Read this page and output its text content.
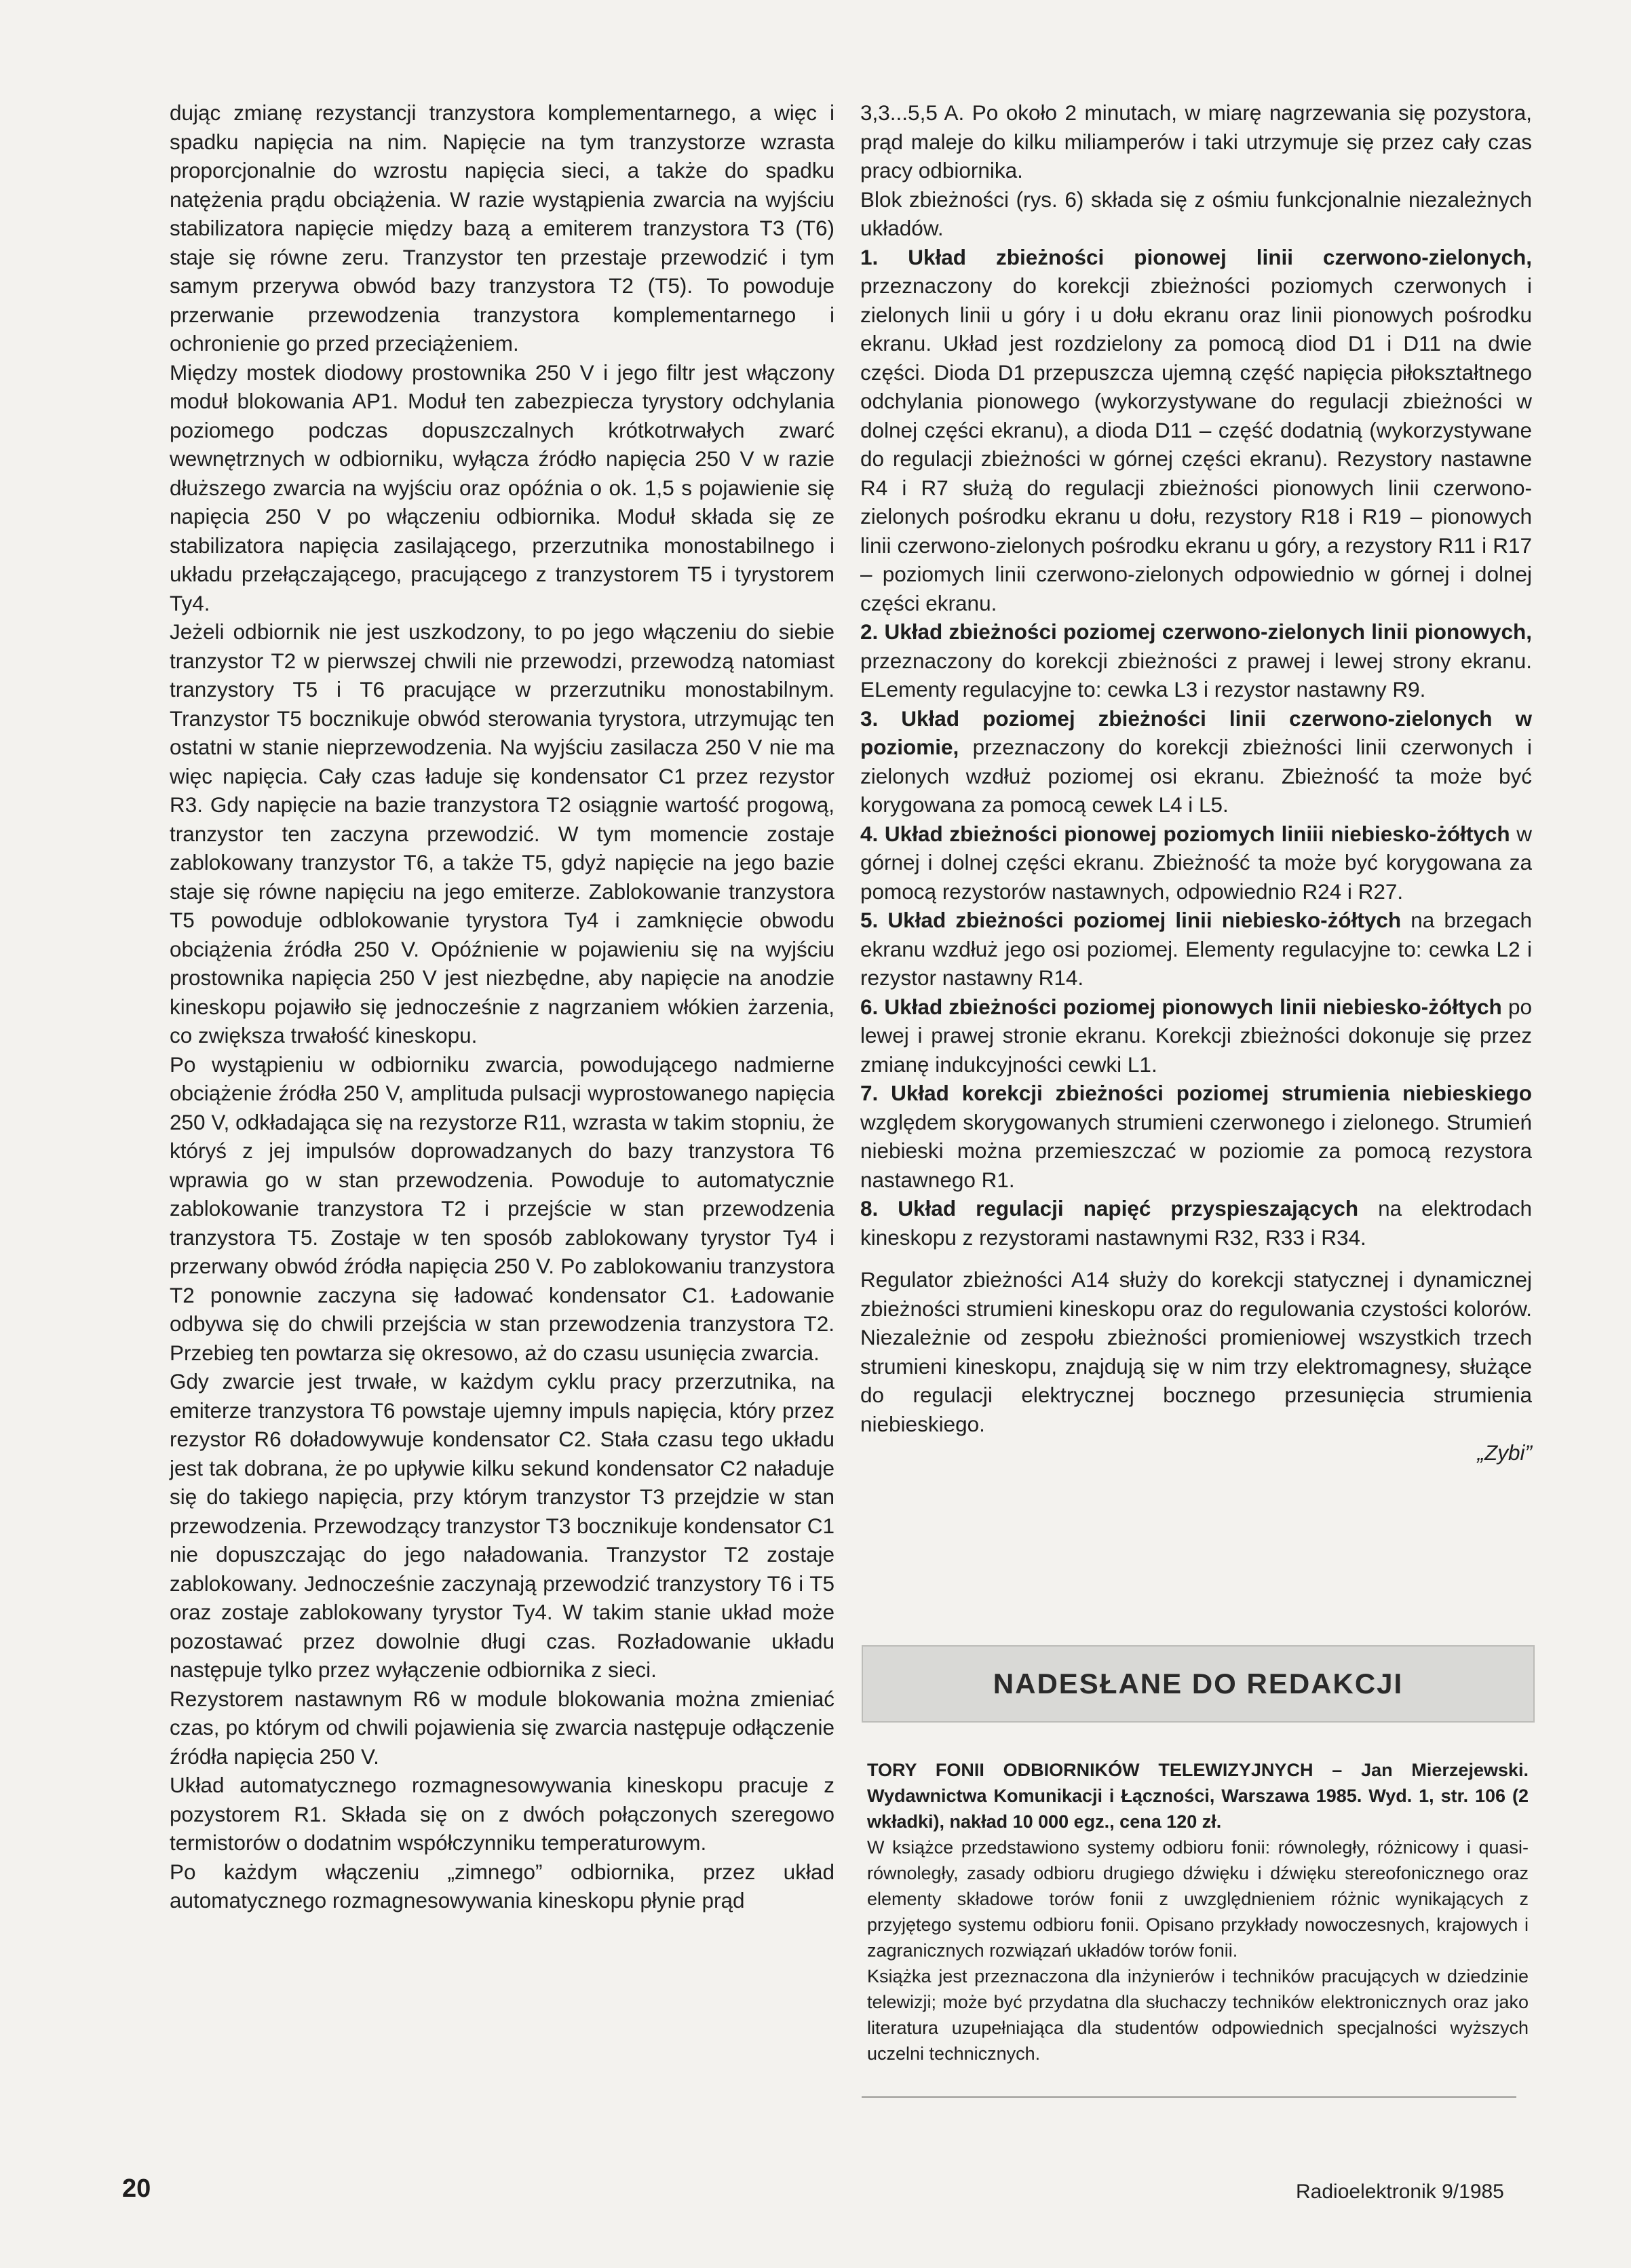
dując zmianę rezystancji tranzystora komplementarnego, a więc i spadku napięcia na nim. Napięcie na tym tranzystorze wzrasta proporcjonalnie do wzrostu napięcia sieci, a także do spadku natężenia prądu obciążenia. W razie wystąpienia zwarcia na wyjściu stabilizatora napięcie między bazą a emiterem tranzystora T3 (T6) staje się równe zeru. Tranzystor ten przestaje przewodzić i tym samym przerywa obwód bazy tranzystora T2 (T5). To powoduje przerwanie przewodzenia tranzystora komplementarnego i ochronienie go przed przeciążeniem.

Między mostek diodowy prostownika 250 V i jego filtr jest włączony moduł blokowania AP1. Moduł ten zabezpiecza tyrystory odchylania poziomego podczas dopuszczalnych krótkotrwałych zwarć wewnętrznych w odbiorniku, wyłącza źródło napięcia 250 V w razie dłuższego zwarcia na wyjściu oraz opóźnia o ok. 1,5 s pojawienie się napięcia 250 V po włączeniu odbiornika. Moduł składa się ze stabilizatora napięcia zasilającego, przerzutnika monostabilnego i układu przełączającego, pracującego z tranzystorem T5 i tyrystorem Ty4.

Jeżeli odbiornik nie jest uszkodzony, to po jego włączeniu do siebie tranzystor T2 w pierwszej chwili nie przewodzi, przewodzą natomiast tranzystory T5 i T6 pracujące w przerzutniku monostabilnym. Tranzystor T5 bocznikuje obwód sterowania tyrystora, utrzymując ten ostatni w stanie nieprzewodzenia. Na wyjściu zasilacza 250 V nie ma więc napięcia. Cały czas ładuje się kondensator C1 przez rezystor R3. Gdy napięcie na bazie tranzystora T2 osiągnie wartość progową, tranzystor ten zaczyna przewodzić. W tym momencie zostaje zablokowany tranzystor T6, a także T5, gdyż napięcie na jego bazie staje się równe napięciu na jego emiterze. Zablokowanie tranzystora T5 powoduje odblokowanie tyrystora Ty4 i zamknięcie obwodu obciążenia źródła 250 V. Opóźnienie w pojawieniu się na wyjściu prostownika napięcia 250 V jest niezbędne, aby napięcie na anodzie kineskopu pojawiło się jednocześnie z nagrzaniem włókien żarzenia, co zwiększa trwałość kineskopu.

Po wystąpieniu w odbiorniku zwarcia, powodującego nadmierne obciążenie źródła 250 V, amplituda pulsacji wyprostowanego napięcia 250 V, odkładająca się na rezystorze R11, wzrasta w takim stopniu, że któryś z jej impulsów doprowadzanych do bazy tranzystora T6 wprawia go w stan przewodzenia. Powoduje to automatycznie zablokowanie tranzystora T2 i przejście w stan przewodzenia tranzystora T5. Zostaje w ten sposób zablokowany tyrystor Ty4 i przerwany obwód źródła napięcia 250 V. Po zablokowaniu tranzystora T2 ponownie zaczyna się ładować kondensator C1. Ładowanie odbywa się do chwili przejścia w stan przewodzenia tranzystora T2. Przebieg ten powtarza się okresowo, aż do czasu usunięcia zwarcia.

Gdy zwarcie jest trwałe, w każdym cyklu pracy przerzutnika, na emiterze tranzystora T6 powstaje ujemny impuls napięcia, który przez rezystor R6 doładowywuje kondensator C2. Stała czasu tego układu jest tak dobrana, że po upływie kilku sekund kondensator C2 naładuje się do takiego napięcia, przy którym tranzystor T3 przejdzie w stan przewodzenia. Przewodzący tranzystor T3 bocznikuje kondensator C1 nie dopuszczając do jego naładowania. Tranzystor T2 zostaje zablokowany. Jednocześnie zaczynają przewodzić tranzystory T6 i T5 oraz zostaje zablokowany tyrystor Ty4. W takim stanie układ może pozostawać przez dowolnie długi czas. Rozładowanie układu następuje tylko przez wyłączenie odbiornika z sieci.

Rezystorem nastawnym R6 w module blokowania można zmieniać czas, po którym od chwili pojawienia się zwarcia następuje odłączenie źródła napięcia 250 V.

Układ automatycznego rozmagnesowywania kineskopu pracuje z pozystorem R1. Składa się on z dwóch połączonych szeregowo termistorów o dodatnim współczynniku temperaturowym.

Po każdym włączeniu „zimnego” odbiornika, przez układ automatycznego rozmagnesowywania kineskopu płynie prąd

3,3...5,5 A. Po około 2 minutach, w miarę nagrzewania się pozystora, prąd maleje do kilku miliamperów i taki utrzymuje się przez cały czas pracy odbiornika.

Blok zbieżności (rys. 6) składa się z ośmiu funkcjonalnie niezależnych układów.

1. Układ zbieżności pionowej linii czerwono-zielonych, przeznaczony do korekcji zbieżności poziomych czerwonych i zielonych linii u góry i u dołu ekranu oraz linii pionowych pośrodku ekranu. Układ jest rozdzielony za pomocą diod D1 i D11 na dwie części. Dioda D1 przepuszcza ujemną część napięcia piłokształtnego odchylania pionowego (wykorzystywane do regulacji zbieżności w dolnej części ekranu), a dioda D11 – część dodatnią (wykorzystywane do regulacji zbieżności w górnej części ekranu). Rezystory nastawne R4 i R7 służą do regulacji zbieżności pionowych linii czerwono-zielonych pośrodku ekranu u dołu, rezystory R18 i R19 – pionowych linii czerwono-zielonych pośrodku ekranu u góry, a rezystory R11 i R17 – poziomych linii czerwono-zielonych odpowiednio w górnej i dolnej części ekranu.

2. Układ zbieżności poziomej czerwono-zielonych linii pionowych, przeznaczony do korekcji zbieżności z prawej i lewej strony ekranu. ELementy regulacyjne to: cewka L3 i rezystor nastawny R9.

3. Układ poziomej zbieżności linii czerwono-zielonych w poziomie, przeznaczony do korekcji zbieżności linii czerwonych i zielonych wzdłuż poziomej osi ekranu. Zbieżność ta może być korygowana za pomocą cewek L4 i L5.

4. Układ zbieżności pionowej poziomych liniii niebiesko-żółtych w górnej i dolnej części ekranu. Zbieżność ta może być korygowana za pomocą rezystorów nastawnych, odpowiednio R24 i R27.

5. Układ zbieżności poziomej linii niebiesko-żółtych na brzegach ekranu wzdłuż jego osi poziomej. Elementy regulacyjne to: cewka L2 i rezystor nastawny R14.

6. Układ zbieżności poziomej pionowych linii niebiesko-żółtych po lewej i prawej stronie ekranu. Korekcji zbieżności dokonuje się przez zmianę indukcyjności cewki L1.

7. Układ korekcji zbieżności poziomej strumienia niebieskiego względem skorygowanych strumieni czerwonego i zielonego. Strumień niebieski można przemieszczać w poziomie za pomocą rezystora nastawnego R1.

8. Układ regulacji napięć przyspieszających na elektrodach kineskopu z rezystorami nastawnymi R32, R33 i R34.

Regulator zbieżności A14 służy do korekcji statycznej i dynamicznej zbieżności strumieni kineskopu oraz do regulowania czystości kolorów. Niezależnie od zespołu zbieżności promieniowej wszystkich trzech strumieni kineskopu, znajdują się w nim trzy elektromagnesy, służące do regulacji elektrycznej bocznego przesunięcia strumienia niebieskiego.

„Zybi”

NADESŁANE DO REDAKCJI

TORY FONII ODBIORNIKÓW TELEWIZYJNYCH – Jan Mierzejewski. Wydawnictwa Komunikacji i Łączności, Warszawa 1985. Wyd. 1, str. 106 (2 wkładki), nakład 10 000 egz., cena 120 zł.

W książce przedstawiono systemy odbioru fonii: równoległy, różnicowy i quasi-równoległy, zasady odbioru drugiego dźwięku i dźwięku stereofonicznego oraz elementy składowe torów fonii z uwzględnieniem różnic wynikających z przyjętego systemu odbioru fonii. Opisano przykłady nowoczesnych, krajowych i zagranicznych rozwiązań układów torów fonii.

Książka jest przeznaczona dla inżynierów i techników pracujących w dziedzinie telewizji; może być przydatna dla słuchaczy techników elektronicznych oraz jako literatura uzupełniająca dla studentów odpowiednich specjalności wyższych uczelni technicznych.

20	Radioelektronik 9/1985
